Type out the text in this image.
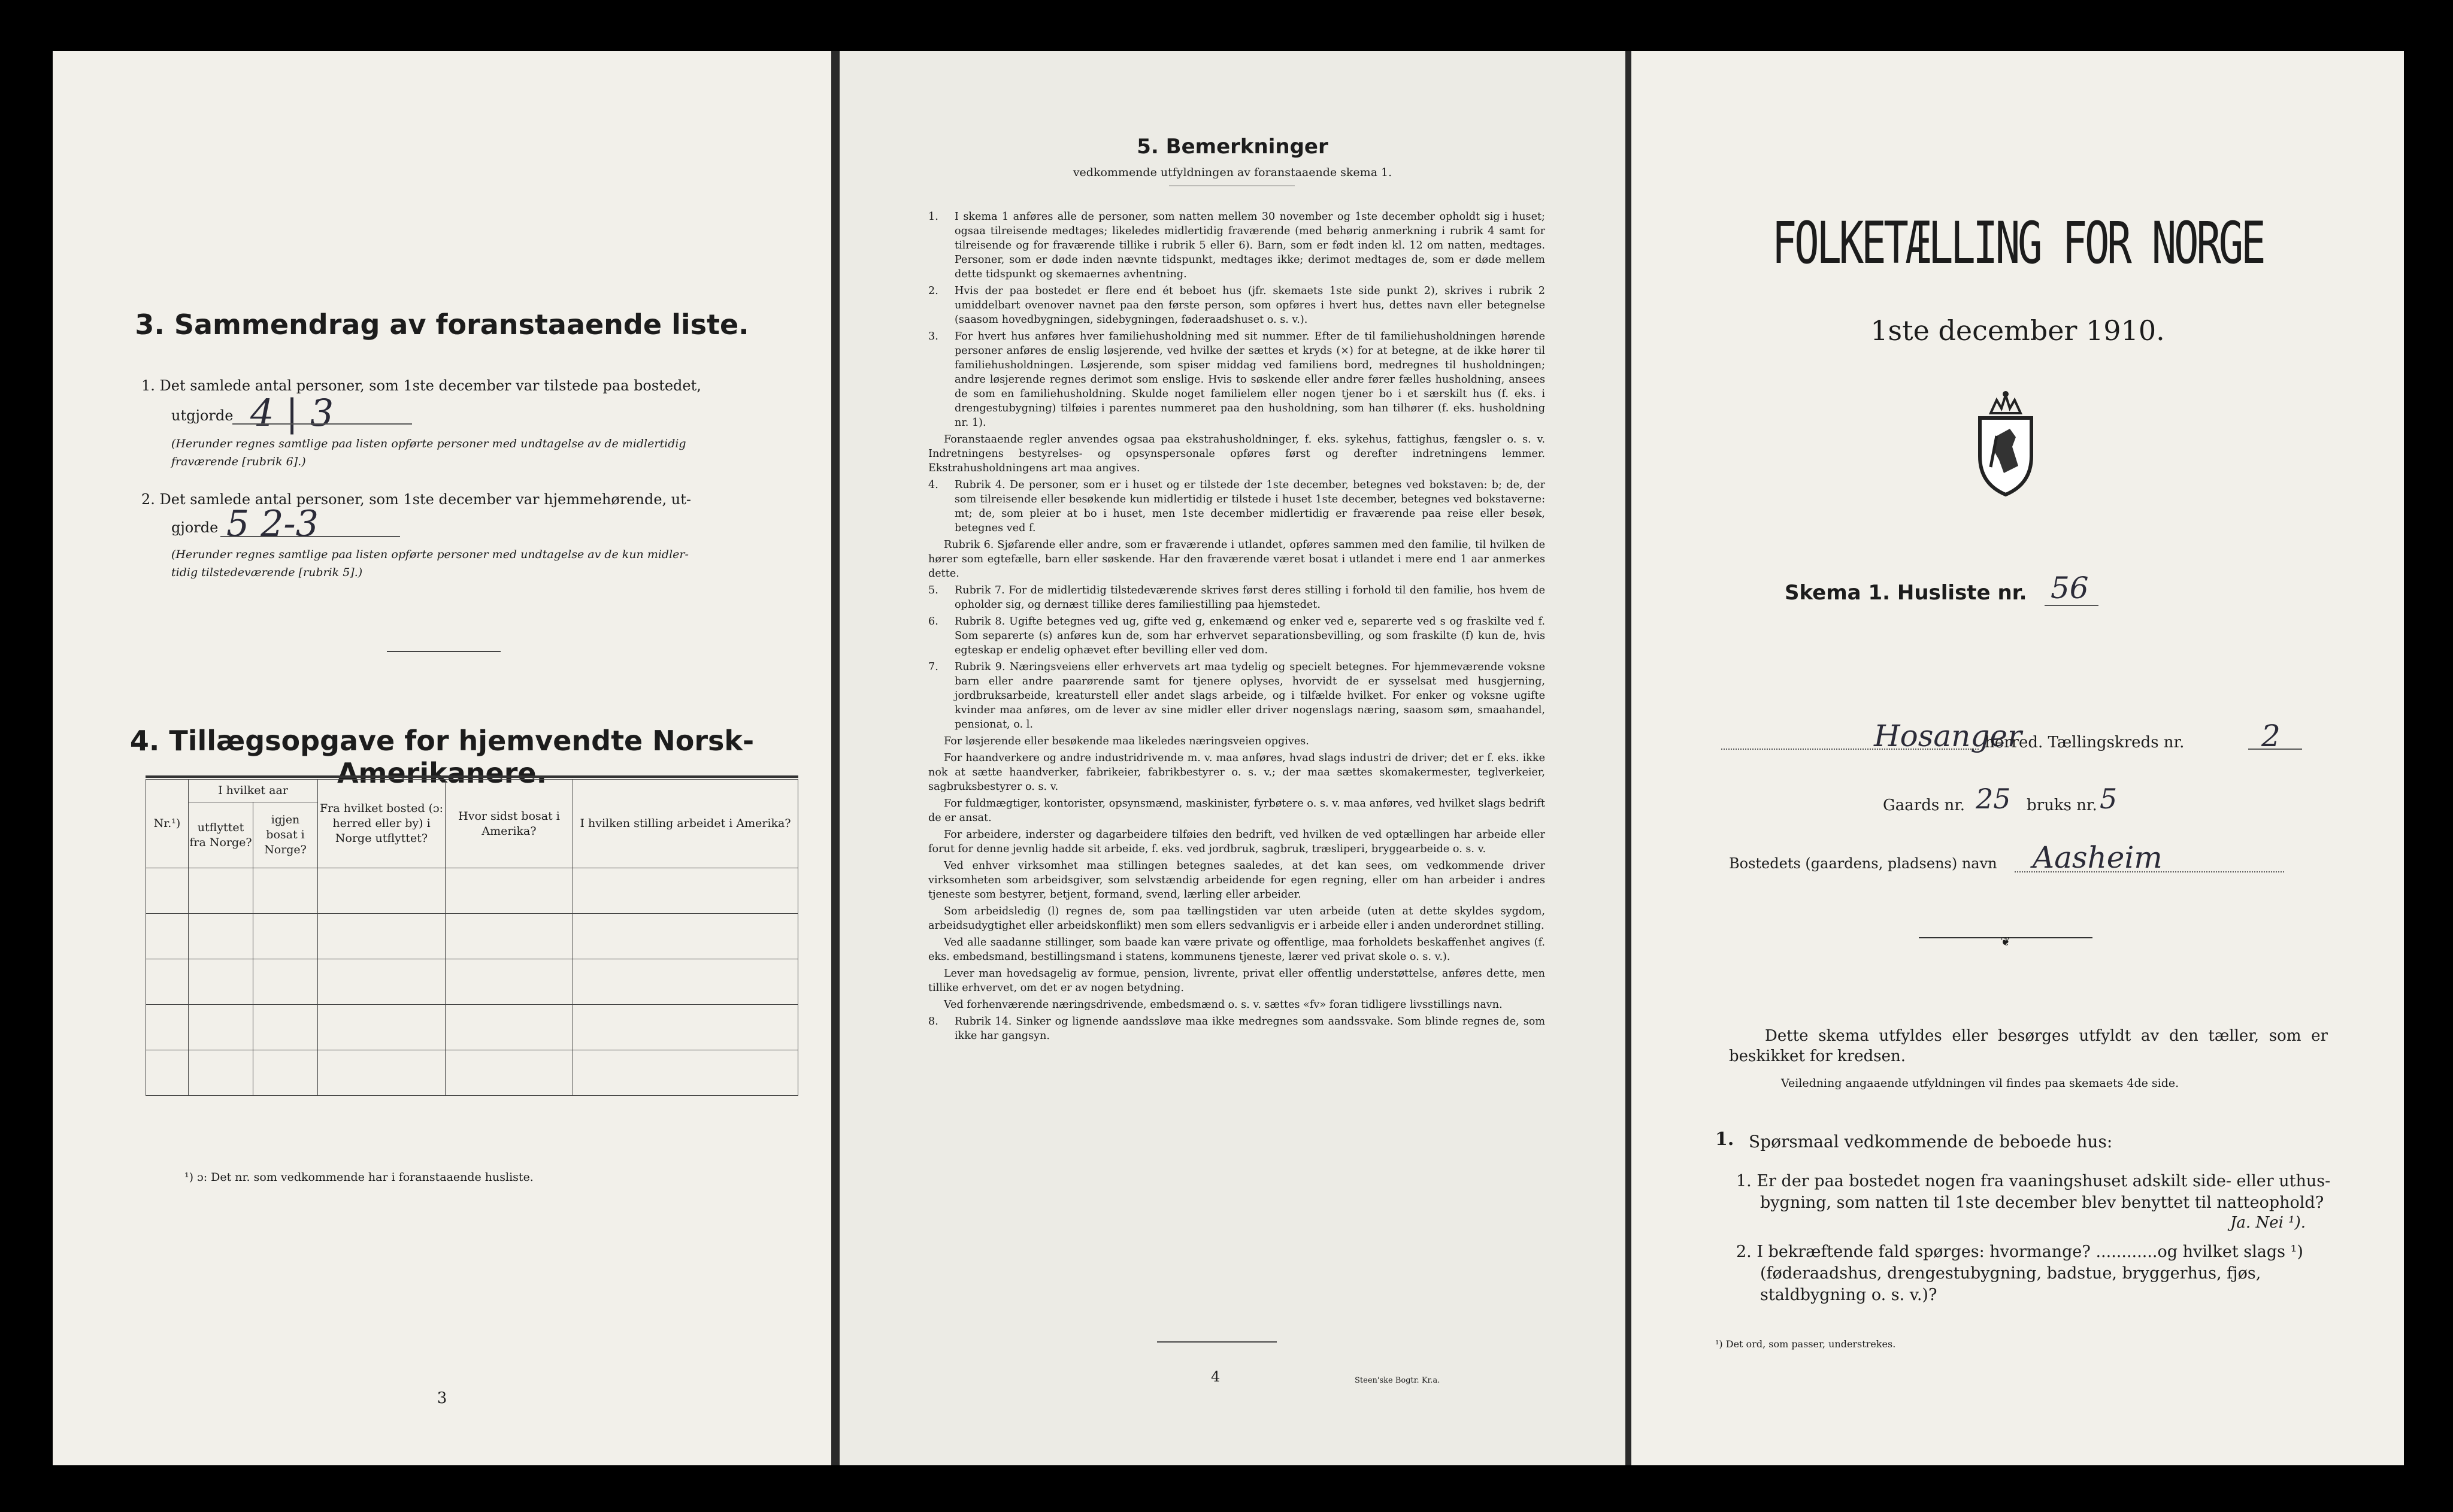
3. Sammendrag av foranstaaende liste.
1. Det samlede antal personer, som 1ste december var tilstede paa bostedet,
utgjorde 4 | 3
(Herunder regnes samtlige paa listen opførte personer med undtagelse av de midlertidig
fraværende [rubrik 6].)
2. Det samlede antal personer, som 1ste december var hjemmehørende, ut-
gjorde 5 2-3
(Herunder regnes samtlige paa listen opførte personer med undtagelse av de kun midler-
tidig tilstedeværende [rubrik 5].)
4. Tillægsopgave for hjemvendte Norsk-Amerikanere.
Nr.¹)	I hvilket aar		Fra hvilket bosted (ɔ: herred eller by) i Norge utflyttet?	Hvor sidst bosat i Amerika?	I hvilken stilling arbeidet i Amerika?
	utflyttet fra Norge?	igjen bosat i Norge?			

¹) ɔ: Det nr. som vedkommende har i foranstaaende husliste.
3
5. Bemerkninger
vedkommende utfyldningen av foranstaaende skema 1.

1. I skema 1 anføres alle de personer, som natten mellem 30 november og 1ste december opholdt sig i huset; ogsaa tilreisende medtages; likeledes midlertidig fraværende (med behørig anmerkning i rubrik 4 samt for tilreisende og for fraværende tillike i rubrik 5 eller 6). Barn, som er født inden kl. 12 om natten, medtages. Personer, som er døde inden nævnte tidspunkt, medtages ikke; derimot medtages de, som er døde mellem dette tidspunkt og skemaernes avhentning.

2. Hvis der paa bostedet er flere end ét beboet hus (jfr. skemaets 1ste side punkt 2), skrives i rubrik 2 umiddelbart ovenover navnet paa den første person, som opføres i hvert hus, dettes navn eller betegnelse (saasom hovedbygningen, sidebygningen, føderaadshuset o. s. v.).

3. For hvert hus anføres hver familiehusholdning med sit nummer. Efter de til familiehusholdningen hørende personer anføres de enslig løsjerende, ved hvilke der sættes et kryds (×) for at betegne, at de ikke hører til familiehusholdningen. Løsjerende, som spiser middag ved familiens bord, medregnes til husholdningen; andre løsjerende regnes derimot som enslige. Hvis to søskende eller andre fører fælles husholdning, ansees de som en familiehusholdning. Skulde noget familielem eller nogen tjener bo i et særskilt hus (f. eks. i drengestubygning) tilføies i parentes nummeret paa den husholdning, som han tilhører (f. eks. husholdning nr. 1).

Foranstaaende regler anvendes ogsaa paa ekstrahusholdninger, f. eks. sykehus, fattighus, fængsler o. s. v. Indretningens bestyrelses- og opsynspersonale opføres først og derefter indretningens lemmer. Ekstrahusholdningens art maa angives.

4. Rubrik 4. De personer, som er i huset og er tilstede der 1ste december, betegnes ved bokstaven: b; de, der som tilreisende eller besøkende kun midlertidig er tilstede i huset 1ste december, betegnes ved bokstaverne: mt; de, som pleier at bo i huset, men 1ste december midlertidig er fraværende paa reise eller besøk, betegnes ved f.

Rubrik 6. Sjøfarende eller andre, som er fraværende i utlandet, opføres sammen med den familie, til hvilken de hører som egtefælle, barn eller søskende. Har den fraværende været bosat i utlandet i mere end 1 aar anmerkes dette.

5. Rubrik 7. For de midlertidig tilstedeværende skrives først deres stilling i forhold til den familie, hos hvem de opholder sig, og dernæst tillike deres familiestilling paa hjemstedet.

6. Rubrik 8. Ugifte betegnes ved ug, gifte ved g, enkemænd og enker ved e, separerte ved s og fraskilte ved f. Som separerte (s) anføres kun de, som har erhvervet separationsbevilling, og som fraskilte (f) kun de, hvis egteskap er endelig ophævet efter bevilling eller ved dom.

7. Rubrik 9. Næringsveiens eller erhvervets art maa tydelig og specielt betegnes. For hjemmeværende voksne barn eller andre paarørende samt for tjenere oplyses, hvorvidt de er sysselsat med husgjerning, jordbruksarbeide, kreaturstell eller andet slags arbeide, og i tilfælde hvilket. For enker og voksne ugifte kvinder maa anføres, om de lever av sine midler eller driver nogenslags næring, saasom søm, smaahandel, pensionat, o. l.

For løsjerende eller besøkende maa likeledes næringsveien opgives.

For haandverkere og andre industridrivende m. v. maa anføres, hvad slags industri de driver; det er f. eks. ikke nok at sætte haandverker, fabrikeier, fabrikbestyrer o. s. v.; der maa sættes skomakermester, teglverkeier, sagbruksbestyrer o. s. v.

For fuldmægtiger, kontorister, opsynsmænd, maskinister, fyrbøtere o. s. v. maa anføres, ved hvilket slags bedrift de er ansat.

For arbeidere, inderster og dagarbeidere tilføies den bedrift, ved hvilken de ved optællingen har arbeide eller forut for denne jevnlig hadde sit arbeide, f. eks. ved jordbruk, sagbruk, træsliperi, bryggearbeide o. s. v.

Ved enhver virksomhet maa stillingen betegnes saaledes, at det kan sees, om vedkommende driver virksomheten som arbeidsgiver, som selvstændig arbeidende for egen regning, eller om han arbeider i andres tjeneste som bestyrer, betjent, formand, svend, lærling eller arbeider.

Som arbeidsledig (l) regnes de, som paa tællingstiden var uten arbeide (uten at dette skyldes sygdom, arbeidsudygtighet eller arbeidskonflikt) men som ellers sedvanligvis er i arbeide eller i anden underordnet stilling.

Ved alle saadanne stillinger, som baade kan være private og offentlige, maa forholdets beskaffenhet angives (f. eks. embedsmand, bestillingsmand i statens, kommunens tjeneste, lærer ved privat skole o. s. v.).

Lever man hovedsagelig av formue, pension, livrente, privat eller offentlig understøttelse, anføres dette, men tillike erhvervet, om det er av nogen betydning.

Ved forhenværende næringsdrivende, embedsmænd o. s. v. sættes «fv» foran tidligere livsstillings navn.

8. Rubrik 14. Sinker og lignende aandssløve maa ikke medregnes som aandssvake. Som blinde regnes de, som ikke har gangsyn.

4	Steen'ske Bogtr. Kr.a.
FOLKETÆLLING FOR NORGE
1ste december 1910.
Skema 1. Husliste nr. 56
Hosanger
herred. Tællingskreds nr.	2
Gaards nr. 25 bruks nr. 5
Bostedets (gaardens, pladsens) navn Aasheim
❦
Dette skema utfyldes eller besørges utfyldt av den tæller, som er beskikket for kredsen.
Veiledning angaaende utfyldningen vil findes paa skemaets 4de side.
1. Spørsmaal vedkommende de beboede hus:
1. Er der paa bostedet nogen fra vaaningshuset adskilt side- eller uthus-bygning, som natten til 1ste december blev benyttet til natteophold?
Ja. Nei ¹).
2. I bekræftende fald spørges: hvormange? ............og hvilket slags ¹) (føderaadshus, drengestubygning, badstue, bryggerhus, fjøs, staldbygning o. s. v.)?
¹) Det ord, som passer, understrekes.
